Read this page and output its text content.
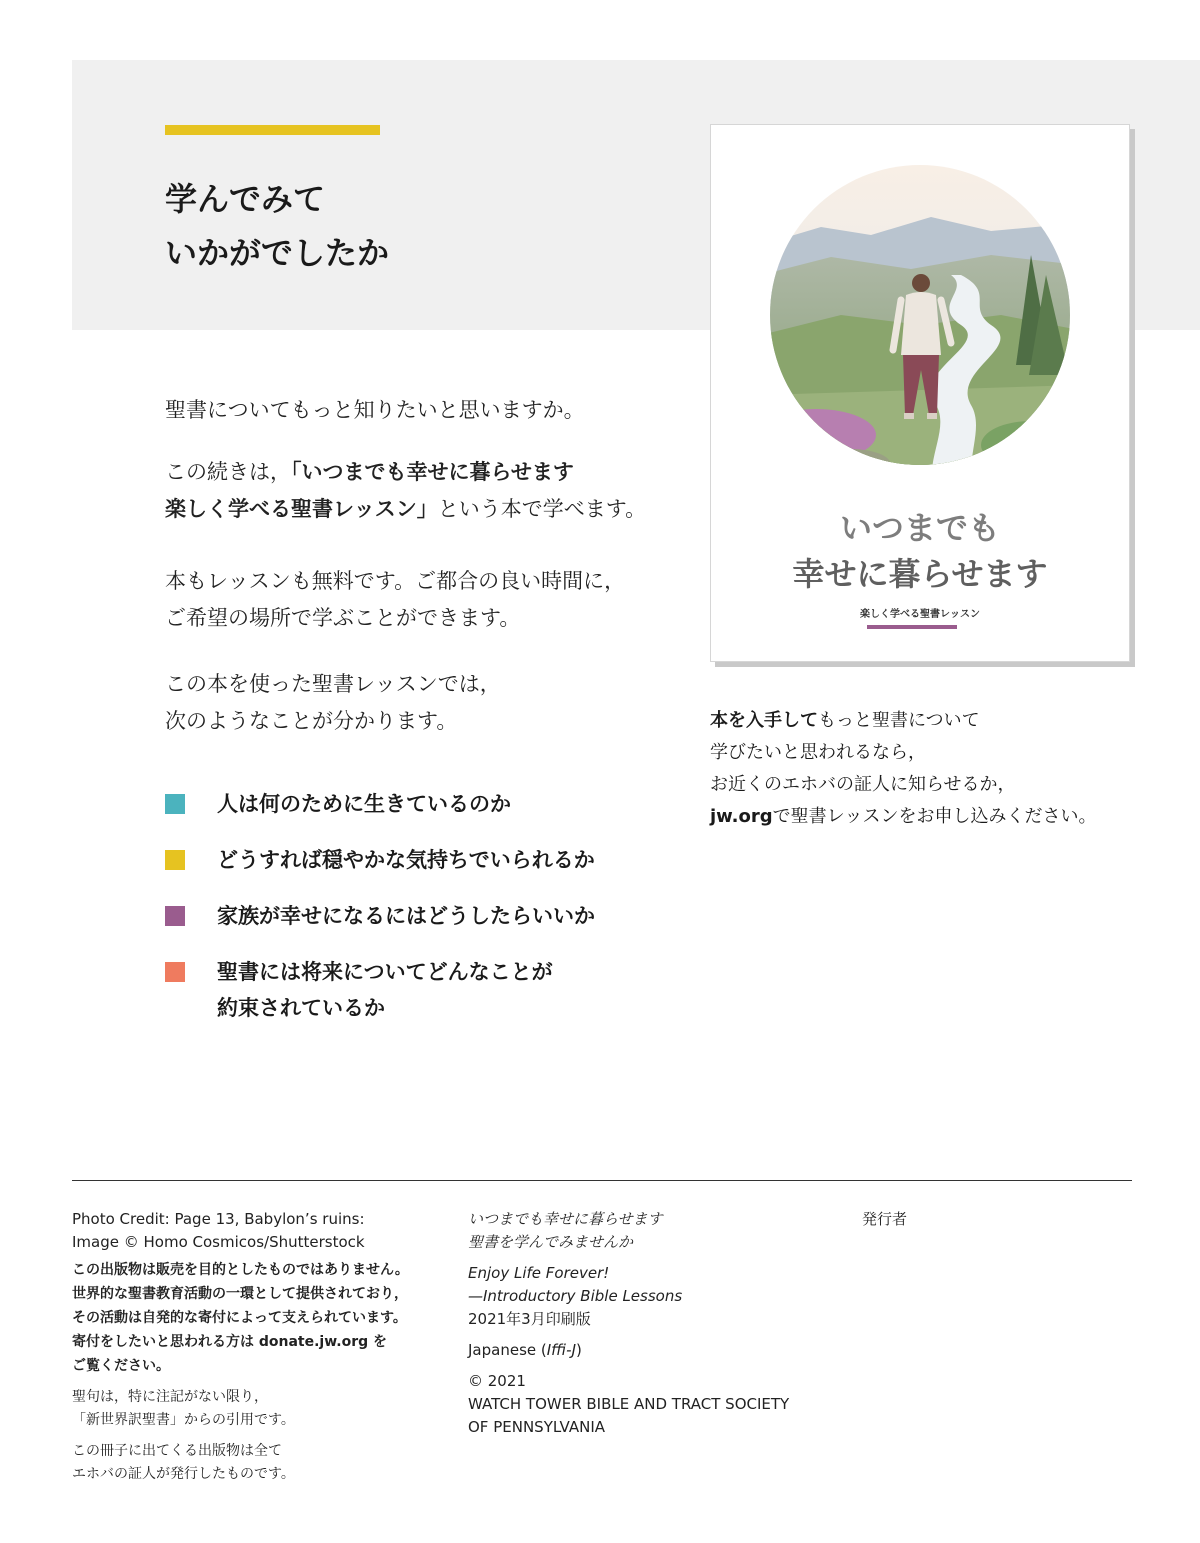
学んでみて
いかがでしたか

聖書についてもっと知りたいと思いますか。

この続きは，「いつまでも幸せに暮らせます
楽しく学べる聖書レッスン」という本で学べます。

本もレッスンも無料です。ご都合の良い時間に，
ご希望の場所で学ぶことができます。

この本を使った聖書レッスンでは，
次のようなことが分かります。

人は何のために生きているのか
どうすれば穏やかな気持ちでいられるか
家族が幸せになるにはどうしたらいいか
聖書には将来についてどんなことが
約束されているか
いつまでも
幸せに暮らせます
楽しく学べる聖書レッスン

本を入手してもっと聖書について
学びたいと思われるなら，
お近くのエホバの証人に知らせるか，
jw.orgで聖書レッスンをお申し込みください。

Photo Credit: Page 13, Babylon’s ruins:
Image © Homo Cosmicos/Shutterstock
この出版物は販売を目的としたものではありません。
世界的な聖書教育活動の一環として提供されており，
その活動は自発的な寄付によって支えられています。
寄付をしたいと思われる方は donate.jw.org を
ご覧ください。
聖句は，特に注記がない限り，
「新世界訳聖書」からの引用です。
この冊子に出てくる出版物は全て
エホバの証人が発行したものです。
いつまでも幸せに暮らせます
聖書を学んでみませんか
Enjoy Life Forever!
—Introductory Bible Lessons
2021年3月印刷版
Japanese (Iffi-J)
© 2021
WATCH TOWER BIBLE AND TRACT SOCIETY
OF PENNSYLVANIA
発行者
